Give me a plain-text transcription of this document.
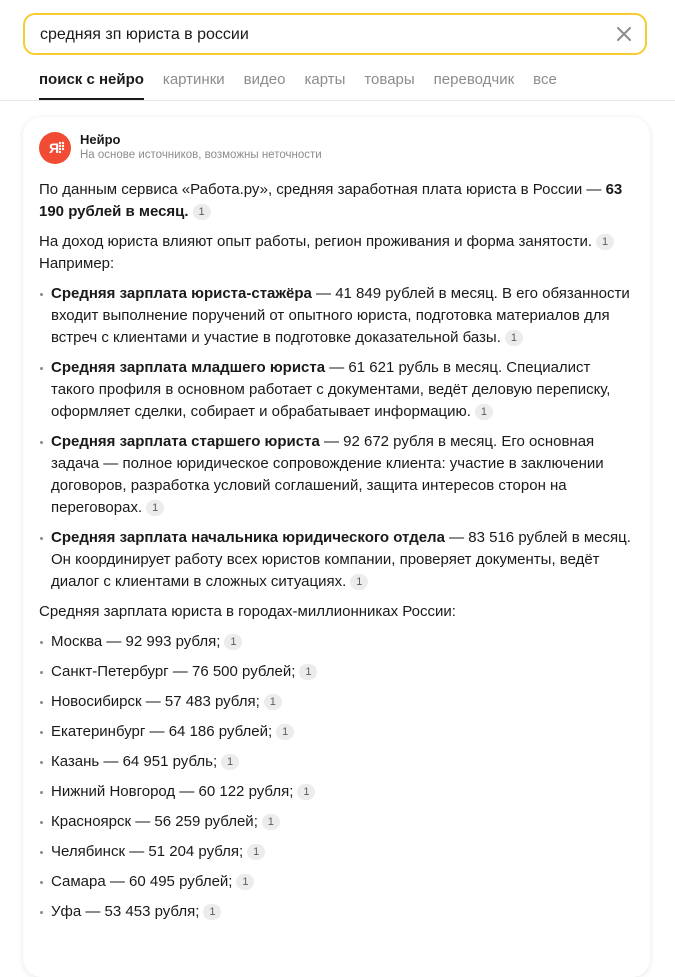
средняя зп юриста в россии
поиск с нейро картинки видео карты товары переводчик все
Я
Нейро
На основе источников, возможны неточности

По данным сервиса «Работа.ру», средняя заработная плата юриста в России — 63 190 рублей в месяц. 1

На доход юриста влияют опыт работы, регион проживания и форма занятости. 1 Например:

Средняя зарплата юриста-стажёра — 41 849 рублей в месяц. В его обязанности входит выполнение поручений от опытного юриста, подготовка материалов для встреч с клиентами и участие в подготовке доказательной базы. 1
Средняя зарплата младшего юриста — 61 621 рубль в месяц. Специалист такого профиля в основном работает с документами, ведёт деловую переписку, оформляет сделки, собирает и обрабатывает информацию. 1
Средняя зарплата старшего юриста — 92 672 рубля в месяц. Его основная задача — полное юридическое сопровождение клиента: участие в заключении договоров, разработка условий соглашений, защита интересов сторон на переговорах. 1
Средняя зарплата начальника юридического отдела — 83 516 рублей в месяц. Он координирует работу всех юристов компании, проверяет документы, ведёт диалог с клиентами в сложных ситуациях. 1

Средняя зарплата юриста в городах-миллионниках России:

Москва — 92 993 рубля; 1
Санкт-Петербург — 76 500 рублей; 1
Новосибирск — 57 483 рубля; 1
Екатеринбург — 64 186 рублей; 1
Казань — 64 951 рубль; 1
Нижний Новгород — 60 122 рубля; 1
Красноярск — 56 259 рублей; 1
Челябинск — 51 204 рубля; 1
Самара — 60 495 рублей; 1
Уфа — 53 453 рубля; 1
